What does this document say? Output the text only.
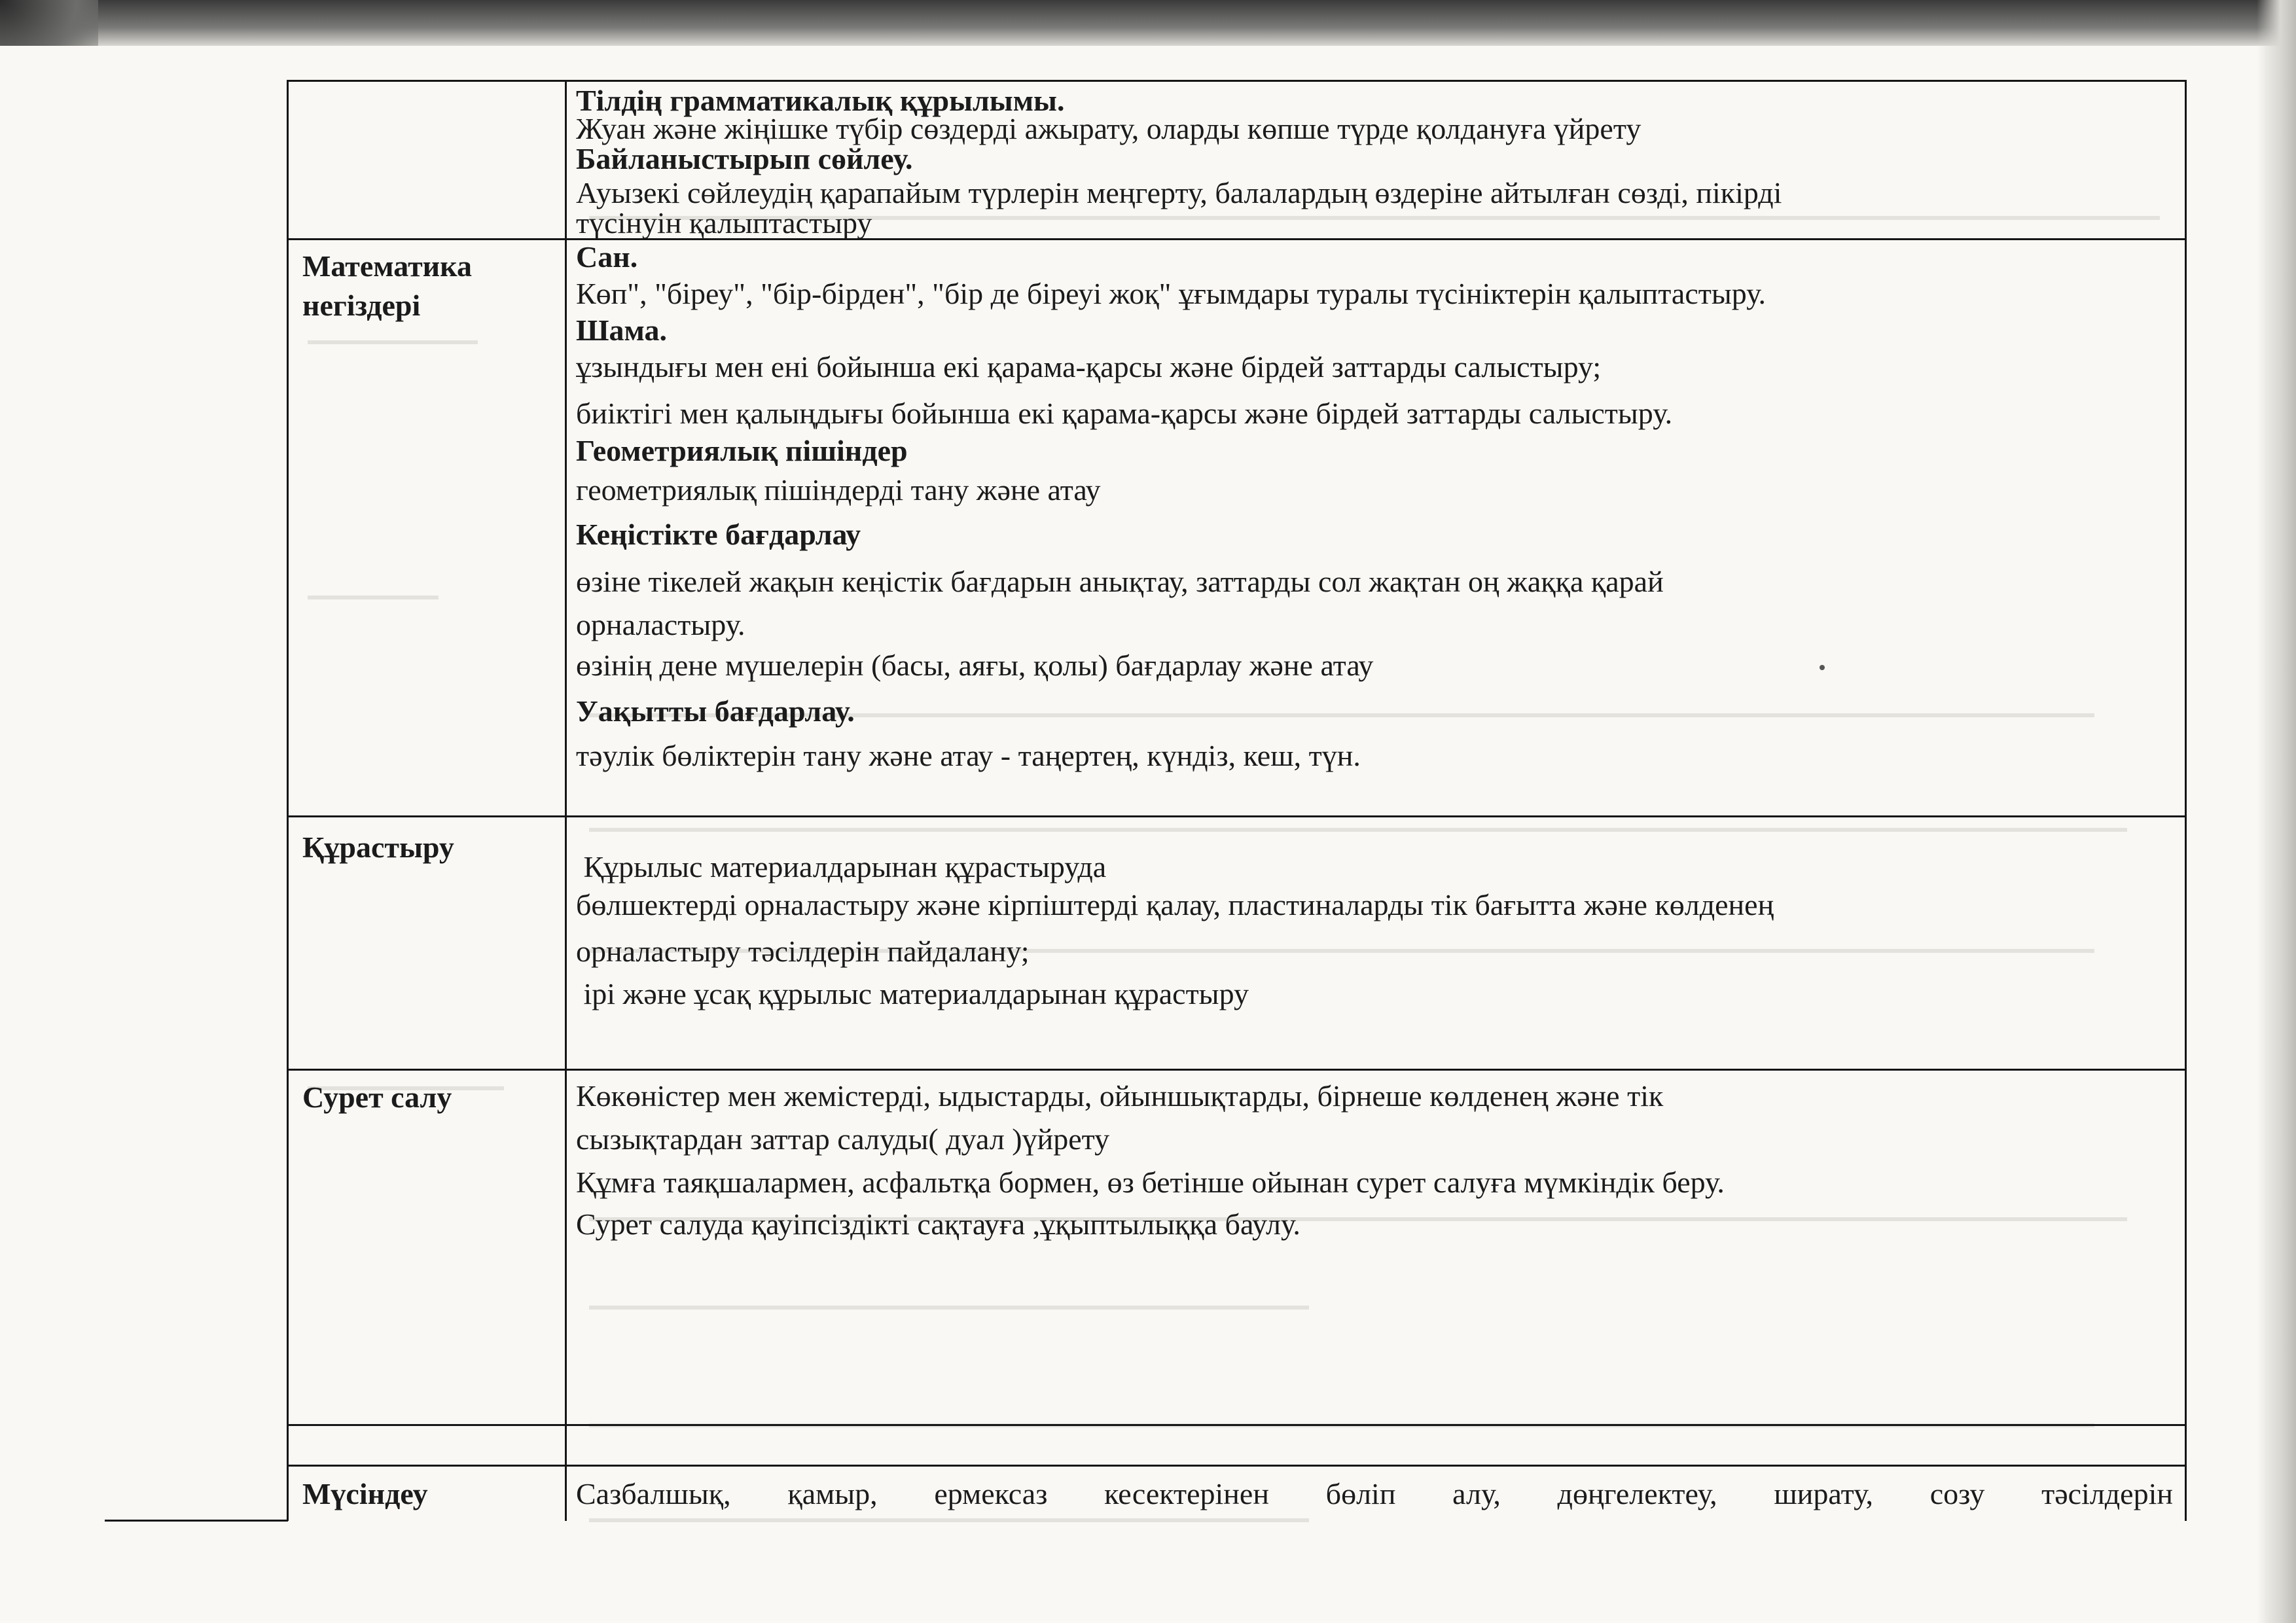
Тілдің грамматикалық құрылымы.
Жуан және жіңішке түбір сөздерді ажырату, оларды көпше түрде қолдануға үйрету
Байланыстырып сөйлеу.
Ауызекі сөйлеудің қарапайым түрлерін меңгерту, балалардың өздеріне айтылған сөзді, пікірді
түсінуін қалыптастыру
Математика
негіздері
Сан.
Көп", "біреу", "бір-бірден", "бір де біреуі жоқ" ұғымдары туралы түсініктерін қалыптастыру.
Шама.
ұзындығы мен ені бойынша екі қарама-қарсы және бірдей заттарды салыстыру;
биіктігі мен қалыңдығы бойынша екі қарама-қарсы және бірдей заттарды салыстыру.
Геометриялық пішіндер
геометриялық пішіндерді тану және атау
Кеңістікте бағдарлау
өзіне тікелей жақын кеңістік бағдарын анықтау, заттарды сол жақтан оң жаққа қарай
орналастыру.
өзінің дене мүшелерін (басы, аяғы, қолы) бағдарлау және атау
Уақытты бағдарлау.
тәулік бөліктерін тану және атау - таңертең, күндіз, кеш, түн.
Құрастыру
Құрылыс материалдарынан құрастыруда
бөлшектерді орналастыру және кірпіштерді қалау, пластиналарды тік бағытта және көлденең
орналастыру тәсілдерін пайдалану;
ірі және ұсақ құрылыс материалдарынан құрастыру
Сурет салу	Көкөністер мен жемістерді, ыдыстарды, ойыншықтарды, бірнеше көлденең және тік
сызықтардан заттар салуды( дуал )үйрету
Құмға таяқшалармен, асфальтқа бормен, өз бетінше ойынан сурет салуға мүмкіндік беру.
Сурет салуда қауіпсіздікті сақтауға ,ұқыптылыққа баулу.
Мүсіндеу	Сазбалшық, қамыр, ермексаз кесектерінен бөліп алу, дөңгелектеу, ширату, созу тәсілдерін
